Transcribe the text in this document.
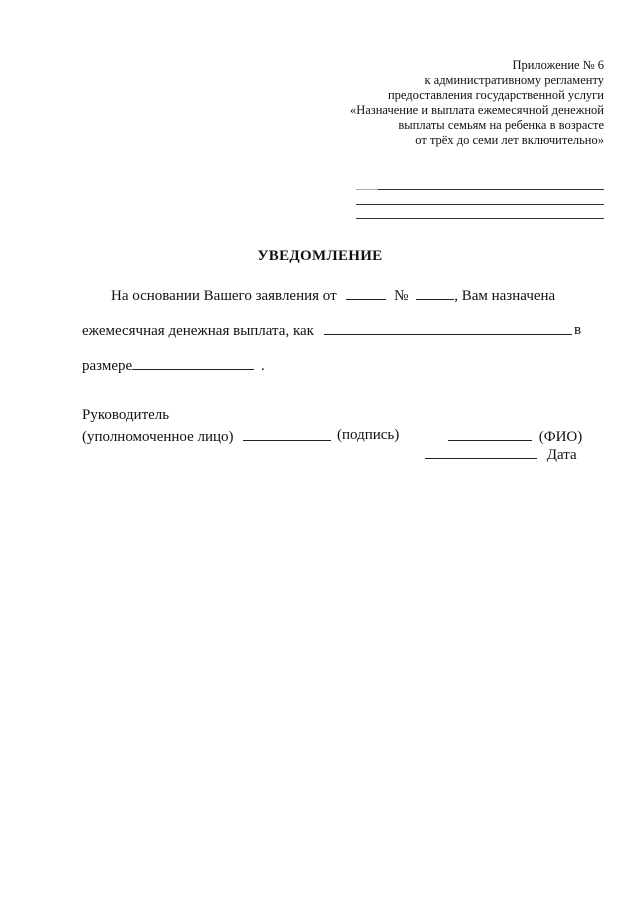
Приложение № 6
к административному регламенту
предоставления государственной услуги
«Назначение и выплата ежемесячной денежной
выплаты семьям на ребенка в возрасте
от трёх до семи лет включительно»
УВЕДОМЛЕНИЕ
На основании Вашего заявления от	№	, Вам назначена
ежемесячная денежная выплата, как	в
размере	.
Руководитель
(уполномоченное лицо)	(подпись)	(ФИО)
Дата
